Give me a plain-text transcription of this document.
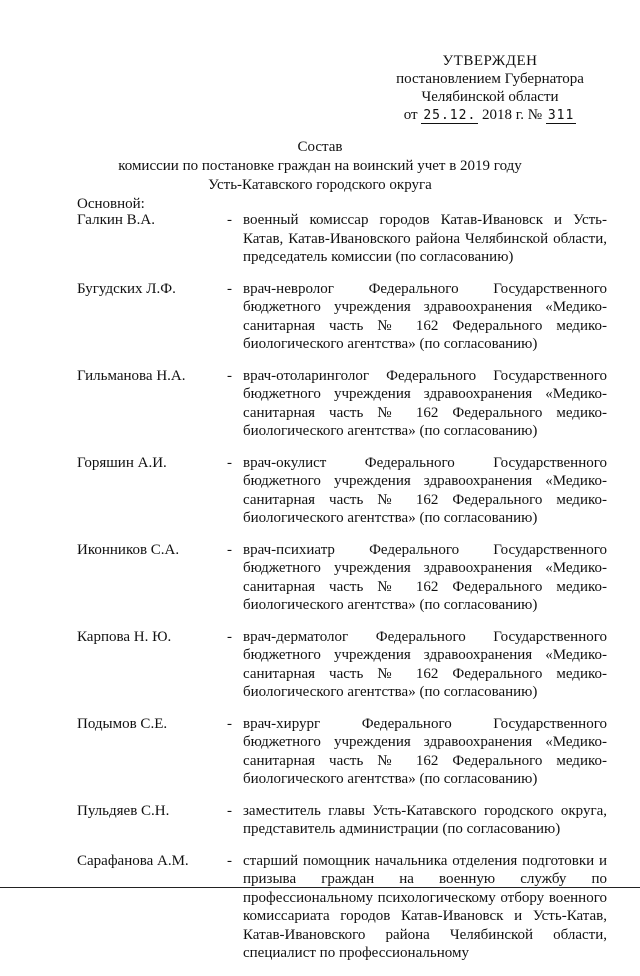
УТВЕРЖДЕН
постановлением Губернатора
Челябинской области
от 25.12. 2018 г. № 311
Состав
комиссии по постановке граждан на воинский учет в 2019 году
Усть-Катавского городского округа
Основной:
Галкин В.А.	- военный комиссар городов Катав-Ивановск и Усть-Катав, Катав-Ивановского района Челябинской области, председатель комиссии (по согласованию)
Бугудских Л.Ф.	- врач-невролог Федерального Государственного бюджетного учреждения здравоохранения «Медико-санитарная часть № 162 Федерального медико-биологического агентства» (по согласованию)
Гильманова Н.А.	- врач-отоларинголог Федерального Государственного бюджетного учреждения здравоохранения «Медико-санитарная часть № 162 Федерального медико-биологического агентства» (по согласованию)
Горяшин А.И.	- врач-окулист Федерального Государственного бюджетного учреждения здравоохранения «Медико-санитарная часть № 162 Федерального медико-биологического агентства» (по согласованию)
Иконников С.А.	- врач-психиатр Федерального Государственного бюджетного учреждения здравоохранения «Медико-санитарная часть № 162 Федерального медико-биологического агентства» (по согласованию)
Карпова Н. Ю.	- врач-дерматолог Федерального Государственного бюджетного учреждения здравоохранения «Медико-санитарная часть № 162 Федерального медико-биологического агентства» (по согласованию)
Подымов С.Е.	- врач-хирург Федерального Государственного бюджетного учреждения здравоохранения «Медико-санитарная часть № 162 Федерального медико-биологического агентства» (по согласованию)
Пульдяев С.Н.	- заместитель главы Усть-Катавского городского округа, представитель администрации (по согласованию)
Сарафанова А.М.	- старший помощник начальника отделения подготовки и призыва граждан на военную службу по профессиональному психологическому отбору военного комиссариата городов Катав-Ивановск и Усть-Катав, Катав-Ивановского района Челябинской области, специалист по профессиональному
